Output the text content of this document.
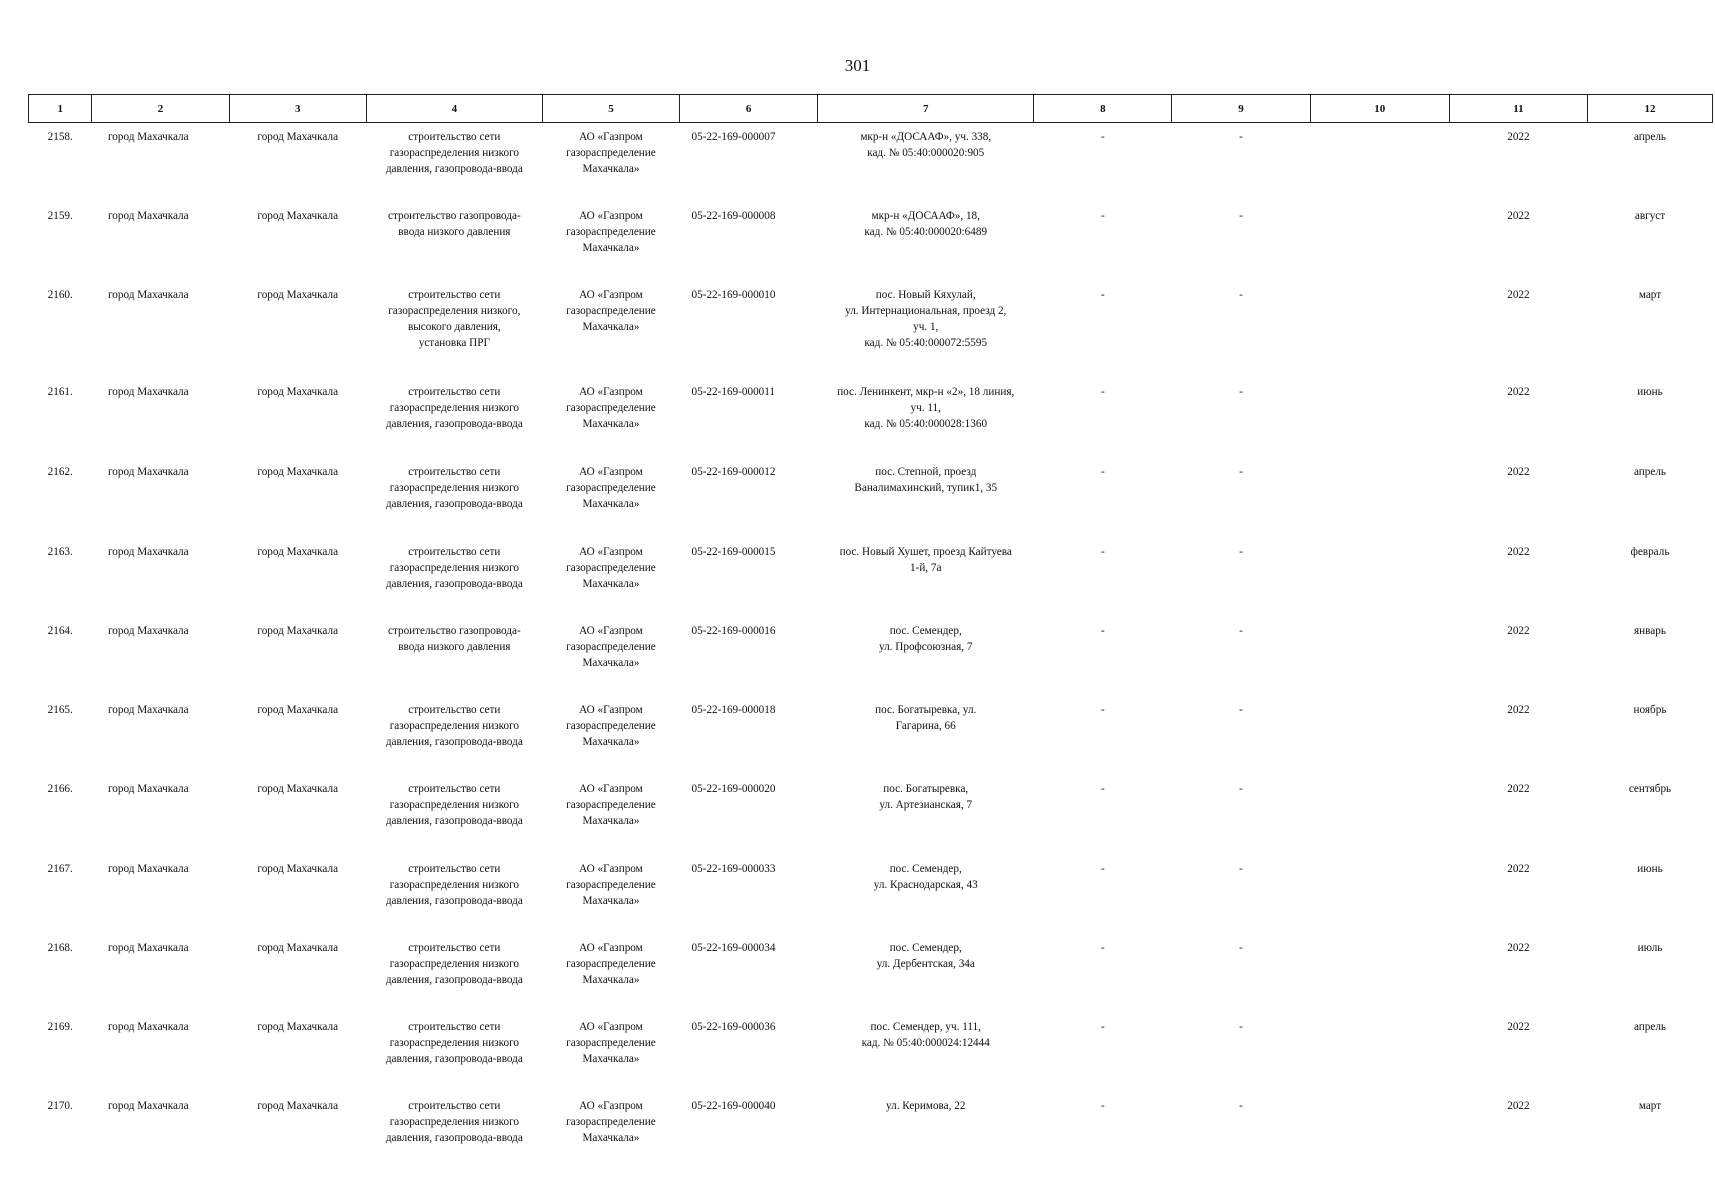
301
1	2	3	4	5	6	7	8	9	10	11	12
2158.	город Махачкала	город Махачкала	строительство сети
газораспределения низкого
давления, газопровода-ввода	АО «Газпром
газораспределение
Махачкала»	05-22-169-000007	мкр-н «ДОСААФ», уч. 338,
кад. № 05:40:000020:905	-	-		2022	апрель
2159.	город Махачкала	город Махачкала	строительство газопровода-
ввода низкого давления	АО «Газпром
газораспределение
Махачкала»	05-22-169-000008	мкр-н «ДОСААФ», 18,
кад. № 05:40:000020:6489	-	-		2022	август
2160.	город Махачкала	город Махачкала	строительство сети
газораспределения низкого,
высокого давления,
установка ПРГ	АО «Газпром
газораспределение
Махачкала»	05-22-169-000010	пос. Новый Кяхулай,
ул. Интернациональная, проезд 2,
уч. 1,
кад. № 05:40:000072:5595	-	-		2022	март
2161.	город Махачкала	город Махачкала	строительство сети
газораспределения низкого
давления, газопровода-ввода	АО «Газпром
газораспределение
Махачкала»	05-22-169-000011	пос. Ленинкент, мкр-н «2», 18 линия,
уч. 11,
кад. № 05:40:000028:1360	-	-		2022	июнь
2162.	город Махачкала	город Махачкала	строительство сети
газораспределения низкого
давления, газопровода-ввода	АО «Газпром
газораспределение
Махачкала»	05-22-169-000012	пос. Степной, проезд
Ваналимахинский, тупик1, 35	-	-		2022	апрель
2163.	город Махачкала	город Махачкала	строительство сети
газораспределения низкого
давления, газопровода-ввода	АО «Газпром
газораспределение
Махачкала»	05-22-169-000015	пос. Новый Хушет, проезд Кайтуева
1-й, 7а	-	-		2022	февраль
2164.	город Махачкала	город Махачкала	строительство газопровода-
ввода низкого давления	АО «Газпром
газораспределение
Махачкала»	05-22-169-000016	пос. Семендер,
ул. Профсоюзная, 7	-	-		2022	январь
2165.	город Махачкала	город Махачкала	строительство сети
газораспределения низкого
давления, газопровода-ввода	АО «Газпром
газораспределение
Махачкала»	05-22-169-000018	пос. Богатыревка, ул.
Гагарина, 66	-	-		2022	ноябрь
2166.	город Махачкала	город Махачкала	строительство сети
газораспределения низкого
давления, газопровода-ввода	АО «Газпром
газораспределение
Махачкала»	05-22-169-000020	пос. Богатыревка,
ул. Артезианская, 7	-	-		2022	сентябрь
2167.	город Махачкала	город Махачкала	строительство сети
газораспределения низкого
давления, газопровода-ввода	АО «Газпром
газораспределение
Махачкала»	05-22-169-000033	пос. Семендер,
ул. Краснодарская, 43	-	-		2022	июнь
2168.	город Махачкала	город Махачкала	строительство сети
газораспределения низкого
давления, газопровода-ввода	АО «Газпром
газораспределение
Махачкала»	05-22-169-000034	пос. Семендер,
ул. Дербентская, 34а	-	-		2022	июль
2169.	город Махачкала	город Махачкала	строительство сети
газораспределения низкого
давления, газопровода-ввода	АО «Газпром
газораспределение
Махачкала»	05-22-169-000036	пос. Семендер, уч. 111,
кад. № 05:40:000024:12444	-	-		2022	апрель
2170.	город Махачкала	город Махачкала	строительство сети
газораспределения низкого
давления, газопровода-ввода	АО «Газпром
газораспределение
Махачкала»	05-22-169-000040	ул. Керимова, 22	-	-		2022	март
